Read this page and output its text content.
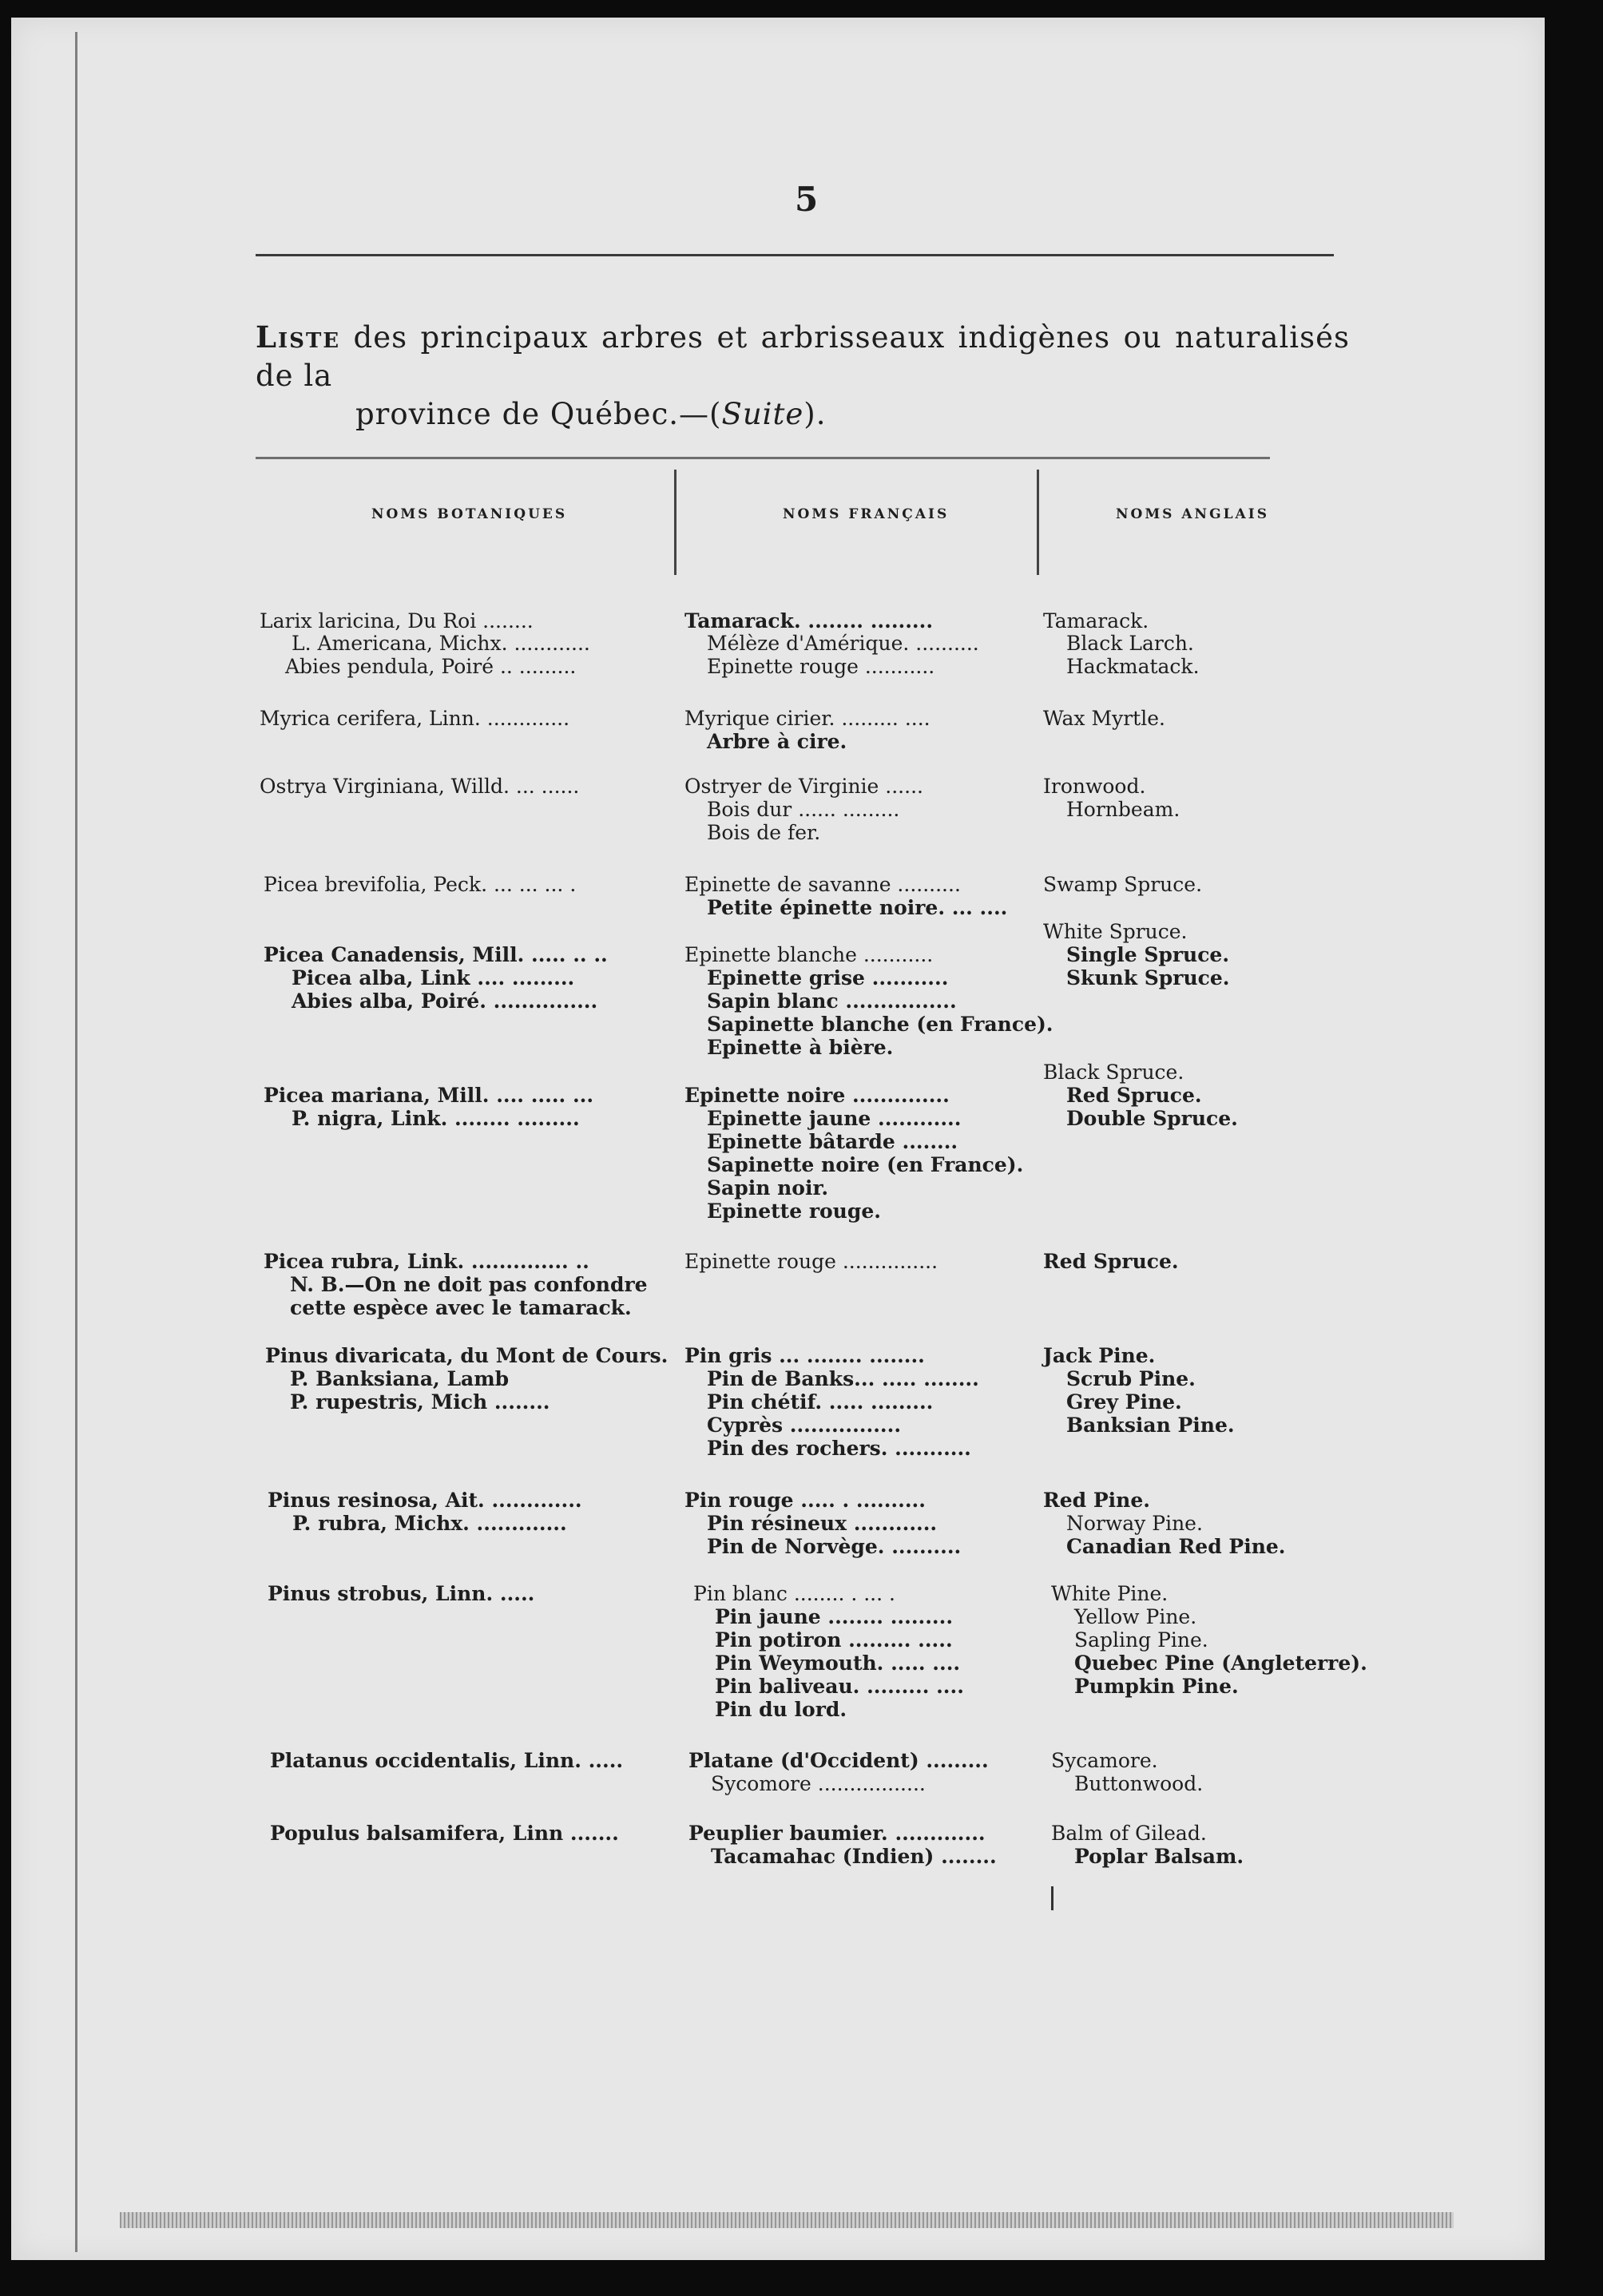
5
Liste des principaux arbres et arbrisseaux indigènes ou naturalisés de la
province de Québec.—(Suite).
NOMS BOTANIQUES	NOMS FRANÇAIS	NOMS ANGLAIS
Larix laricina, Du Roi ........
L. Americana, Michx. ............
Abies pendula, Poiré .. .........
Myrica cerifera, Linn. .............
Ostrya Virginiana, Willd. ... ......
Picea brevifolia, Peck. ... ... ... .
Picea Canadensis, Mill. ..... .. ..
Picea alba, Link .... .........
Abies alba, Poiré. ...............
Picea mariana, Mill. .... ..... ...
P. nigra, Link. ........ .........
Picea rubra, Link. .............. ..
N. B.—On ne doit pas confondre
cette espèce avec le tamarack.
Pinus divaricata, du Mont de Cours.
P. Banksiana, Lamb
P. rupestris, Mich ........
Pinus resinosa, Ait. .............
P. rubra, Michx. .............
Pinus strobus, Linn. .....
Platanus occidentalis, Linn. .....
Populus balsamifera, Linn .......
Tamarack. ........ .........
Mélèze d'Amérique. ..........
Epinette rouge ...........
Myrique cirier. ......... ....
Arbre à cire.
Ostryer de Virginie ......
Bois dur ...... .........
Bois de fer.
Epinette de savanne ..........
Petite épinette noire. ... ....
Epinette blanche ...........
Epinette grise ...........
Sapin blanc ................
Sapinette blanche (en France).
Epinette à bière.
Epinette noire ..............
Epinette jaune ............
Epinette bâtarde ........
Sapinette noire (en France).
Sapin noir.
Epinette rouge.
Epinette rouge ...............
Pin gris ... ........ ........
Pin de Banks... ..... ........
Pin chétif. ..... .........
Cyprès ................
Pin des rochers. ...........
Pin rouge ..... . ..........
Pin résineux ............
Pin de Norvège. ..........
Pin blanc ........ . ... .
Pin jaune ........ .........
Pin potiron ......... .....
Pin Weymouth. ..... ....
Pin baliveau. ......... ....
Pin du lord.
Platane (d'Occident) .........
Sycomore .................
Peuplier baumier. .............
Tacamahac (Indien) ........
Tamarack.
Black Larch.
Hackmatack.
Wax Myrtle.
Ironwood.
Hornbeam.
Swamp Spruce.
White Spruce.
Single Spruce.
Skunk Spruce.
Black Spruce.
Red Spruce.
Double Spruce.
Red Spruce.
Jack Pine.
Scrub Pine.
Grey Pine.
Banksian Pine.
Red Pine.
Norway Pine.
Canadian Red Pine.
White Pine.
Yellow Pine.
Sapling Pine.
Quebec Pine (Angleterre).
Pumpkin Pine.
Sycamore.
Buttonwood.
Balm of Gilead.
Poplar Balsam.
